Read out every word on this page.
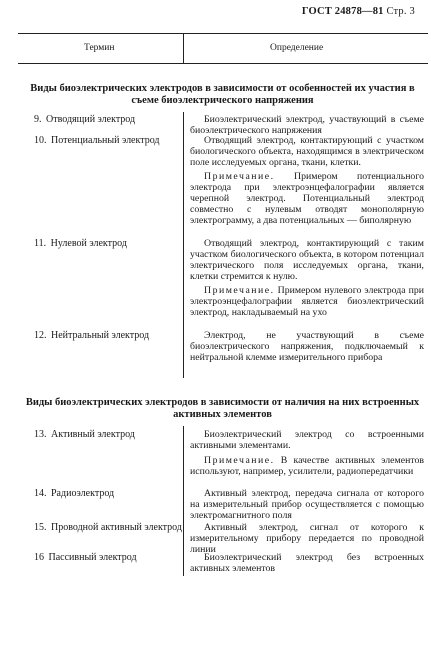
ГОСТ 24878—81 Стр. 3
Термин	Определение
Виды биоэлектрических электродов в зависимости от особенностей их участия в съеме биоэлектрического напряжения
9. Отводящий электрод	Биоэлектрический электрод, участвующий в съеме биоэлектрического напряжения

10. Потенциальный электрод	Отводящий электрод, контактирующий с участком биологического объекта, находящимся в электрическом поле исследуемых органа, ткани, клетки.

Примечание. Примером потенциального электрода при электроэнцефалографии является черепной электрод. Потенциальный электрод совместно с нулевым отводят монополярную электрограмму, а два потенциальных — биполярную

11. Нулевой электрод	Отводящий электрод, контактирующий с таким участком биологического объекта, в котором потенциал электрического поля исследуемых органа, ткани, клетки стремится к нулю.

Примечание. Примером нулевого электрода при электроэнцефалографии является биоэлектрический электрод, накладываемый на ухо

12. Нейтральный электрод	Электрод, не участвующий в съеме биоэлектрического напряжения, подключаемый к нейтральной клемме измерительного прибора

Виды биоэлектрических электродов в зависимости от наличия на них встроенных активных элементов
13. Активный электрод	Биоэлектрический электрод со встроенными активными элементами.

Примечание. В качестве активных элементов используют, например, усилители, радиопередатчики

14. Радиоэлектрод	Активный электрод, передача сигнала от которого на измерительный прибор осуществляется с помощью электромагнитного поля

15. Проводной активный электрод	Активный электрод, сигнал от которого к измерительному прибору передается по проводной линии

16 Пассивный электрод	Биоэлектрический электрод без встроенных активных элементов
